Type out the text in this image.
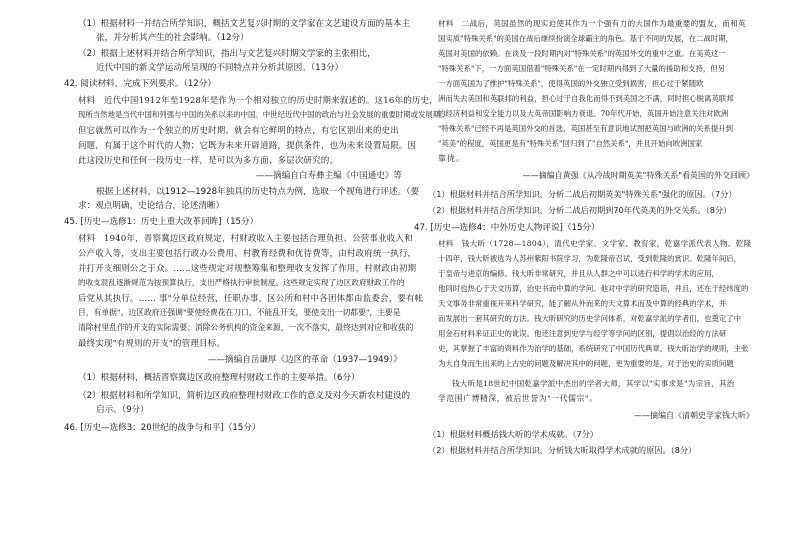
（1）根据材料一并结合所学知识，概括文艺复兴时期的文学家在文艺建设方面的基本主
张，并分析其产生的社会影响。（12分）
（2）根据上述材料并结合所学知识，指出与文艺复兴时期文学家的主张相比，
近代中国的新文学运动所呈现的不同特点并分析其原因。（13分）
42. 阅读材料，完成下列要求。（12分）
材料　近代中国1912年至1928年是作为一个相对独立的历史时期来叙述的。这16年的历史，
现所当然地是当代中国和列强与中国的关系以来的中国。中世纪近代中国的政治与社会发展的重要时期或发展期。
但它就然可以作为一个独立的历史时期。就会有它鲜明的特点，有它区别出来的史出
问题，有属于这个时代的人物；它既为未来开辟道路，提供条件，也为未来设置局限。因
此这段历史和任何一段历史一样，是可以为多方面、多层次研究的。
——摘编自白寿彝主编《中国通史》等
根据上述材料，以1912—1928年独具的历史特点为例，选取一个视角进行评述。（要
求：观点明确，史论结合，论述清晰）
45. [历史—选修1：历史上重大改革回眸]（15分）
材料　1940年，晋察冀边区政府规定，村财政收入主要包括合理负担、公营事业收入和
公产收入等，支出主要包括行政办公费用、村教育经费和优待费等，由村政府统一执行，
并打开支细则公之于众。……这些规定对规整筹集和整理收支发挥了作用，村财政由初期
的收支混乱逐渐规范为按预算执行，支出严格执行审批制度。这些规定实现了边区政府财政工作的
后党从其执行。…… 事"分单位经营，任职办事，区公所和村中各团体都由监委会，要有帐
目，有单据"。边区政府还强调"要使经费花在刀口，不能乱开支，要使支出一切都要"，主要是
清除村里乱作的开支的实际需要；消除公务机构的资金来源，一次不落实，最终达到对应和收获的
最终实现"有规则的开支"的管理目标。
——摘编自岳谦厚《边区的革命（1937—1949）》
（1）根据材料，概括晋察冀边区政府整理村财政工作的主要举措。（6分）
（2）根据材料和所学知识，简析边区政府整理村财政工作的意义及对今天新农村建设的
启示。（9分）
46. [历史—选修3：20世纪的战争与和平]（15分）
材料　二战后，英国虽然的现实迫使其作为一个强有力的大国作为最重要的盟友，而和英
国实质"特殊关系"的美国在战后继续扮演全球霸主的角色。基于不同的发展，在二战时期，
英国对美国的依赖。在谈及一段时期内对"特殊关系"的英国外交的重中之重。在美英这一
"特殊关系"下，一方面英国借着"特殊关系"在一定时期内得到了大量的援助和支持，但另
一方面英国为了维护"特殊关系"，使得英国的外交独立受到损害，担心过于紧随欧
洲而失去美国和英联邦的利益，担心过于自我化而得不到美国之不满，同时担心脱离英联邦
的经济利益和安全能力以及大英帝国影响力衰退。70年代开始，英国开始注意关注对欧洲
"特殊关系"已经不再是英国外交的首选，英国甚至有意识地试图把英国与欧洲的关系提升到
"英美"的程度，英国更是有"特殊关系"回归到了"自然关系"，并且开始向欧洲国家
靠拢。
——摘编自黄强《从冷战时期英美"特殊关系"看英国的外交回顾》
（1）根据材料并结合所学知识，分析二战后初期英美"特殊关系"强化的原因。（7分）
（2）根据材料并结合所学知识，分析二战后初期到70年代英美的外交关系。（8分）
47. [历史—选修4：中外历史人物评说]（15分）
材料　钱大昕（1728—1804），清代史学家、文学家、教育家，乾嘉学派代表人物。乾隆
十四年，钱大昕被选为人苏州紫阳书院学习，为乾隆帝召试，受到乾隆的赏识。乾隆年间后，
于皇帝与进京的编修。钱大昕非常研究，并且从人群之中可以进行科学的学术的应用，
他同时也热心于天文历算，治史书而中算的学问。他对中学的研究造诣，并且，还在于经纬度的
天文事务非常重视开来科学研究，能了解从外而来的天文算术而及中算的经典的学术，并
而发展出一套其研究的方法。钱大昕研究的历史学问体系，对乾嘉学派的学者们，也奠定了中
用金石材料来证正史的讹误。他还注意到史学与经学等学问的区别，提倡以治经的方法研
史，其掌握了丰富的资料作为治学的基础，系统研究了中国历代典章。钱大昕治学的规则，主张
为大自身而生出来的上古史的问题及解决其中的问题，更为重要的是，对于治史的实质问题
钱大昕是18世纪中国乾嘉学派中杰出的学者大师，其学以"实事求是"为宗旨，其治
学范围广博精深，被后世誉为"一代儒宗"。
——摘编自《清朝史学家钱大昕》
（1）根据材料概括钱大昕的学术成就。（7分）
（2）根据材料并结合所学知识，分析钱大昕取得学术成就的原因。（8分）
